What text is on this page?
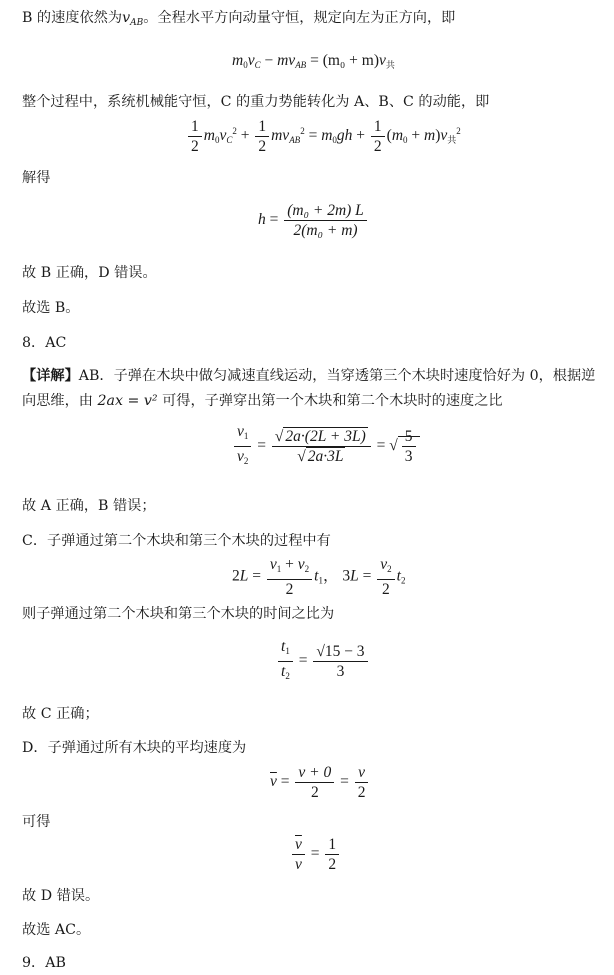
B 的速度依然为$v_{AB}$。全程水平方向动量守恒，规定向左为正方向，即
$m_0v_C - mv_{AB} = (m_0 + m)v_共$
整个过程中，系统机械能守恒，C 的重力势能转化为 A、B、C 的动能，即
$\frac{1}{2} m_0v_C^2 + \frac{1}{2} mv_{AB}^2 = m_0gh + \frac{1}{2} (m_0 + m)v_共^2$
解得
$h = \frac{\text{(m₀ + 2m) L}}{\text{2(m₀ + m)}}$
故 B 正确，D 错误。
故选 B。
8．AC
【详解】AB．子弹在木块中做匀减速直线运动，当穿透第三个木块时速度恰好为 0，根据逆向思维，由 2ax = v² 可得，子弹穿出第一个木块和第二个木块时的速度之比
$\frac{v_1}{v_2} = \frac{√ 2a\cdot(2L + 3L)}{√ 2a\cdot 3L}$ = √ $\frac{5}{3}$
故 A 正确，B 错误；
C．子弹通过第二个木块和第三个木块的过程中有
$2L = \frac{v_1 + v_2}{2} t_1$， $3L = \frac{v_2}{2} t_2$
则子弹通过第二个木块和第三个木块的时间之比为
$\frac{t_1}{t_2} = \frac{√15 - 3}{3}$
故 C 正确；
D．子弹通过所有木块的平均速度为
$\overline{v} = \frac{v + 0}{2} = \frac{v}{2}$
可得
$\frac{\overline{v}}{v} = \frac{1}{2}$
故 D 错误。
故选 AC。
9．AB
